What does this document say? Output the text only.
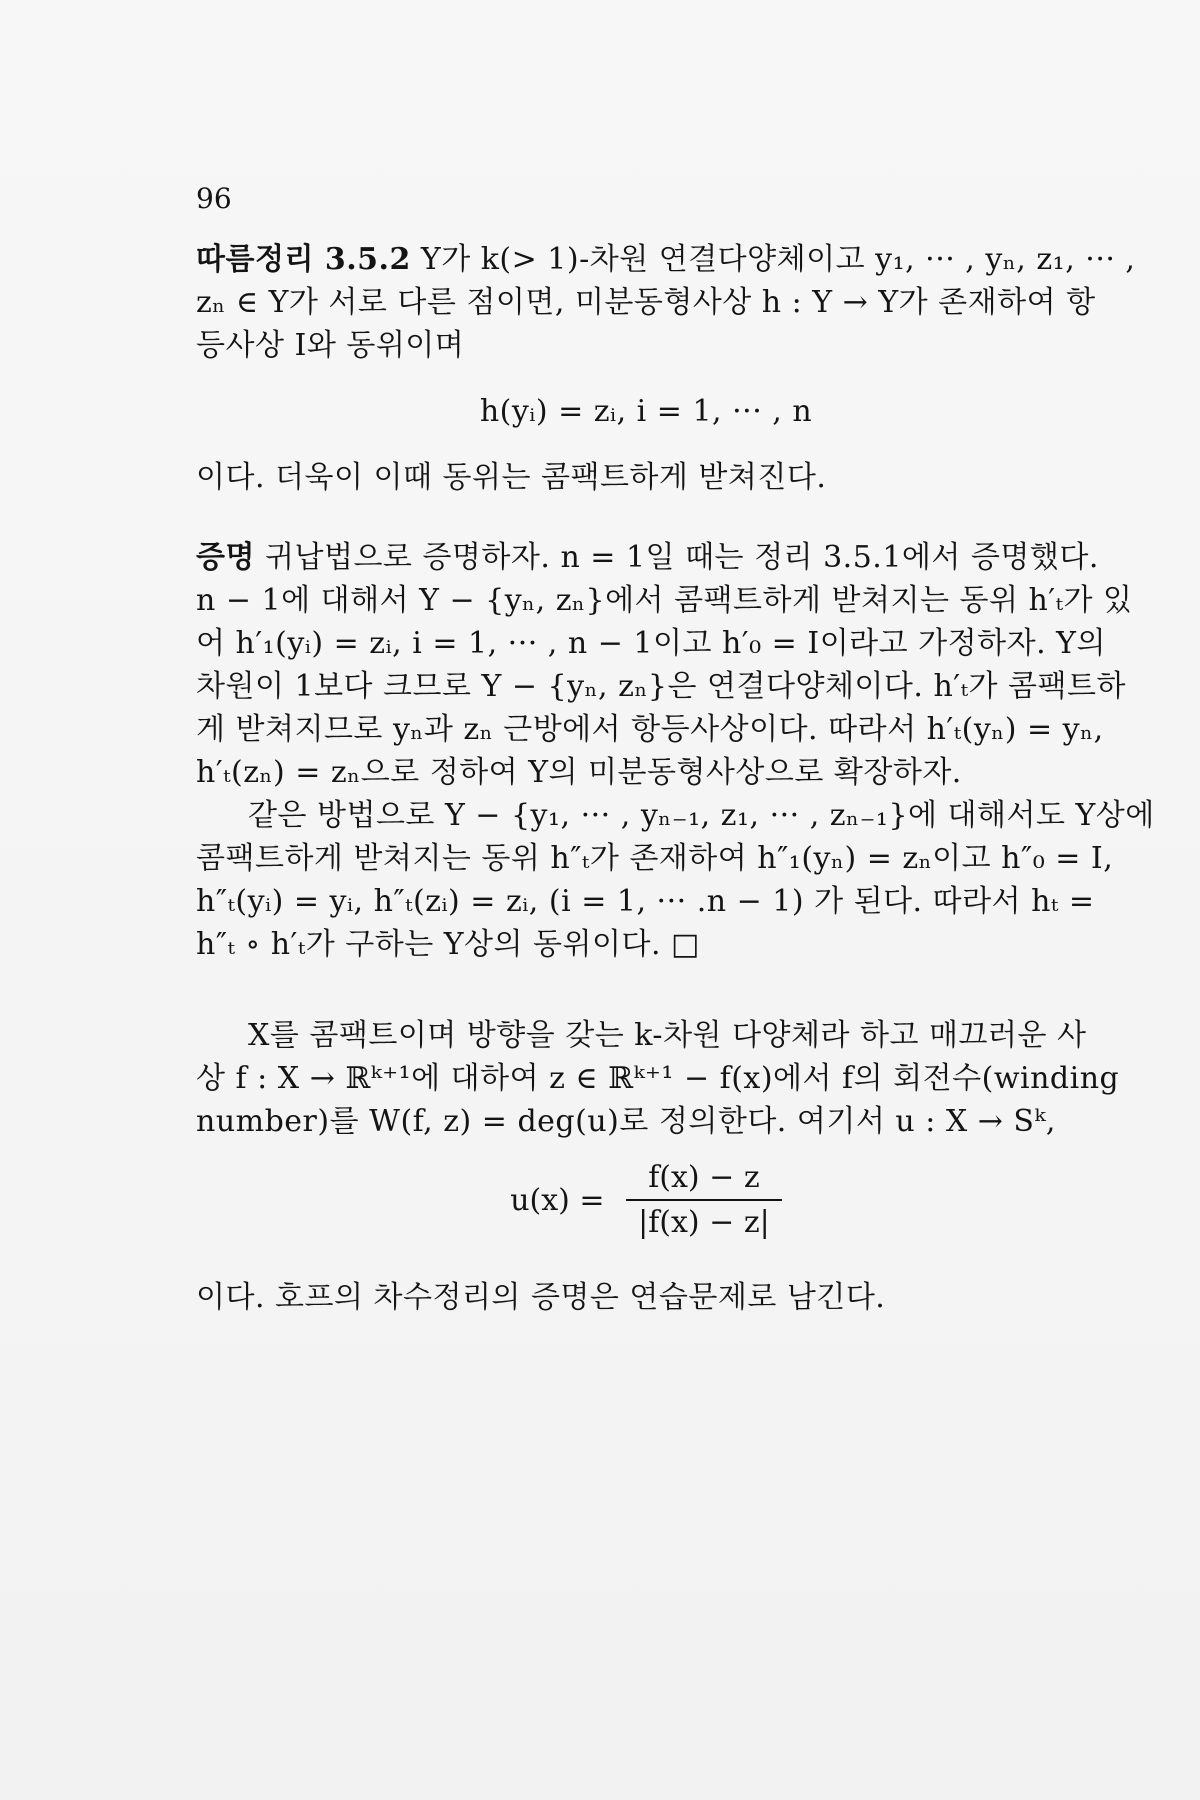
96
따름정리 3.5.2 Y가 k(> 1)-차원 연결다양체이고 y₁, ··· , yₙ, z₁, ··· ,
zₙ ∈ Y가 서로 다른 점이면, 미분동형사상 h : Y → Y가 존재하여 항
등사상 I와 동위이며
h(yᵢ) = zᵢ, i = 1, ··· , n
이다. 더욱이 이때 동위는 콤팩트하게 받쳐진다.
증명 귀납법으로 증명하자. n = 1일 때는 정리 3.5.1에서 증명했다.
n − 1에 대해서 Y − {yₙ, zₙ}에서 콤팩트하게 받쳐지는 동위 h′ₜ가 있
어 h′₁(yᵢ) = zᵢ, i = 1, ··· , n − 1이고 h′₀ = I이라고 가정하자. Y의
차원이 1보다 크므로 Y − {yₙ, zₙ}은 연결다양체이다. h′ₜ가 콤팩트하
게 받쳐지므로 yₙ과 zₙ 근방에서 항등사상이다. 따라서 h′ₜ(yₙ) = yₙ,
h′ₜ(zₙ) = zₙ으로 정하여 Y의 미분동형사상으로 확장하자.
같은 방법으로 Y − {y₁, ··· , yₙ₋₁, z₁, ··· , zₙ₋₁}에 대해서도 Y상에
콤팩트하게 받쳐지는 동위 h″ₜ가 존재하여 h″₁(yₙ) = zₙ이고 h″₀ = I,
h″ₜ(yᵢ) = yᵢ, h″ₜ(zᵢ) = zᵢ, (i = 1, ··· .n − 1) 가 된다. 따라서 hₜ =
h″ₜ ∘ h′ₜ가 구하는 Y상의 동위이다. □
X를 콤팩트이며 방향을 갖는 k-차원 다양체라 하고 매끄러운 사
상 f : X → ℝᵏ⁺¹에 대하여 z ∈ ℝᵏ⁺¹ − f(x)에서 f의 회전수(winding
number)를 W(f, z) = deg(u)로 정의한다. 여기서 u : X → Sᵏ,
$u(x) = \frac{f(x) - z}{|f(x) - z|}$
이다. 호프의 차수정리의 증명은 연습문제로 남긴다.
